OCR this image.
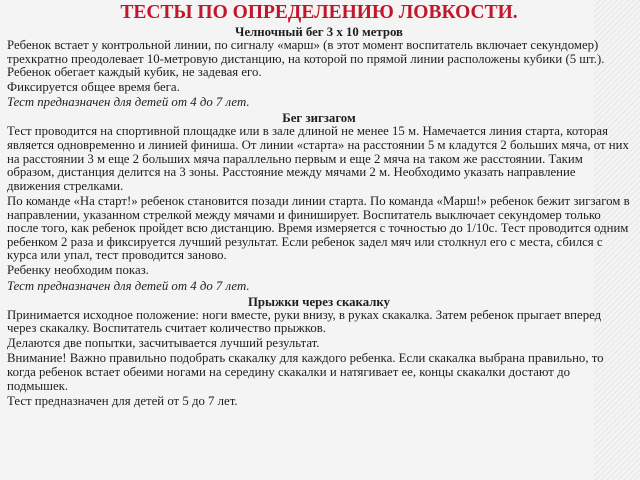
ТЕСТЫ ПО ОПРЕДЕЛЕНИЮ ЛОВКОСТИ.
Челночный бег 3 х 10 метров

Ребенок встает у контрольной линии, по сигналу «марш» (в этот момент воспитатель включает секундомер) трехкратно преодолевает 10-метровую дистанцию, на которой по прямой линии расположены кубики (5 шт.). Ребенок обегает каждый кубик, не задевая его.

Фиксируется общее время бега.

Тест предназначен для детей от 4 до 7 лет.

Бег зигзагом

Тест проводится на спортивной площадке или в зале длиной не менее 15 м. Намечается линия старта, которая является одновременно и линией финиша. От линии «старта» на расстоянии 5 м кладутся 2 больших мяча, от них на расстоянии 3 м еще 2 больших мяча параллельно первым и еще 2 мяча на таком же расстоянии. Таким образом, дистанция делится на 3 зоны. Расстояние между мячами 2 м. Необходимо указать направление движения стрелками.

По команде «На старт!» ребенок становится позади линии старта. По команда «Марш!» ребенок бежит зигзагом в направлении, указанном стрелкой между мячами и финиширует. Воспитатель выключает секундомер только после того, как ребенок пройдет всю дистанцию. Время измеряется с точностью до 1/10с. Тест проводится одним ребенком 2 раза и фиксируется лучший результат. Если ребенок задел мяч или столкнул его с места, сбился с курса или упал, тест проводится заново.

Ребенку необходим показ.

Тест предназначен для детей от 4 до 7 лет.

Прыжки через скакалку

Принимается исходное положение: ноги вместе, руки внизу, в руках скакалка. Затем ребенок прыгает вперед через скакалку. Воспитатель считает количество прыжков.

Делаются две попытки, засчитывается лучший результат.

Внимание! Важно правильно подобрать скакалку для каждого ребенка. Если скакалка выбрана правильно, то когда ребенок встает обеими ногами на середину скакалки и натягивает ее, концы скакалки достают до подмышек.

Тест предназначен для детей от 5 до 7 лет.
